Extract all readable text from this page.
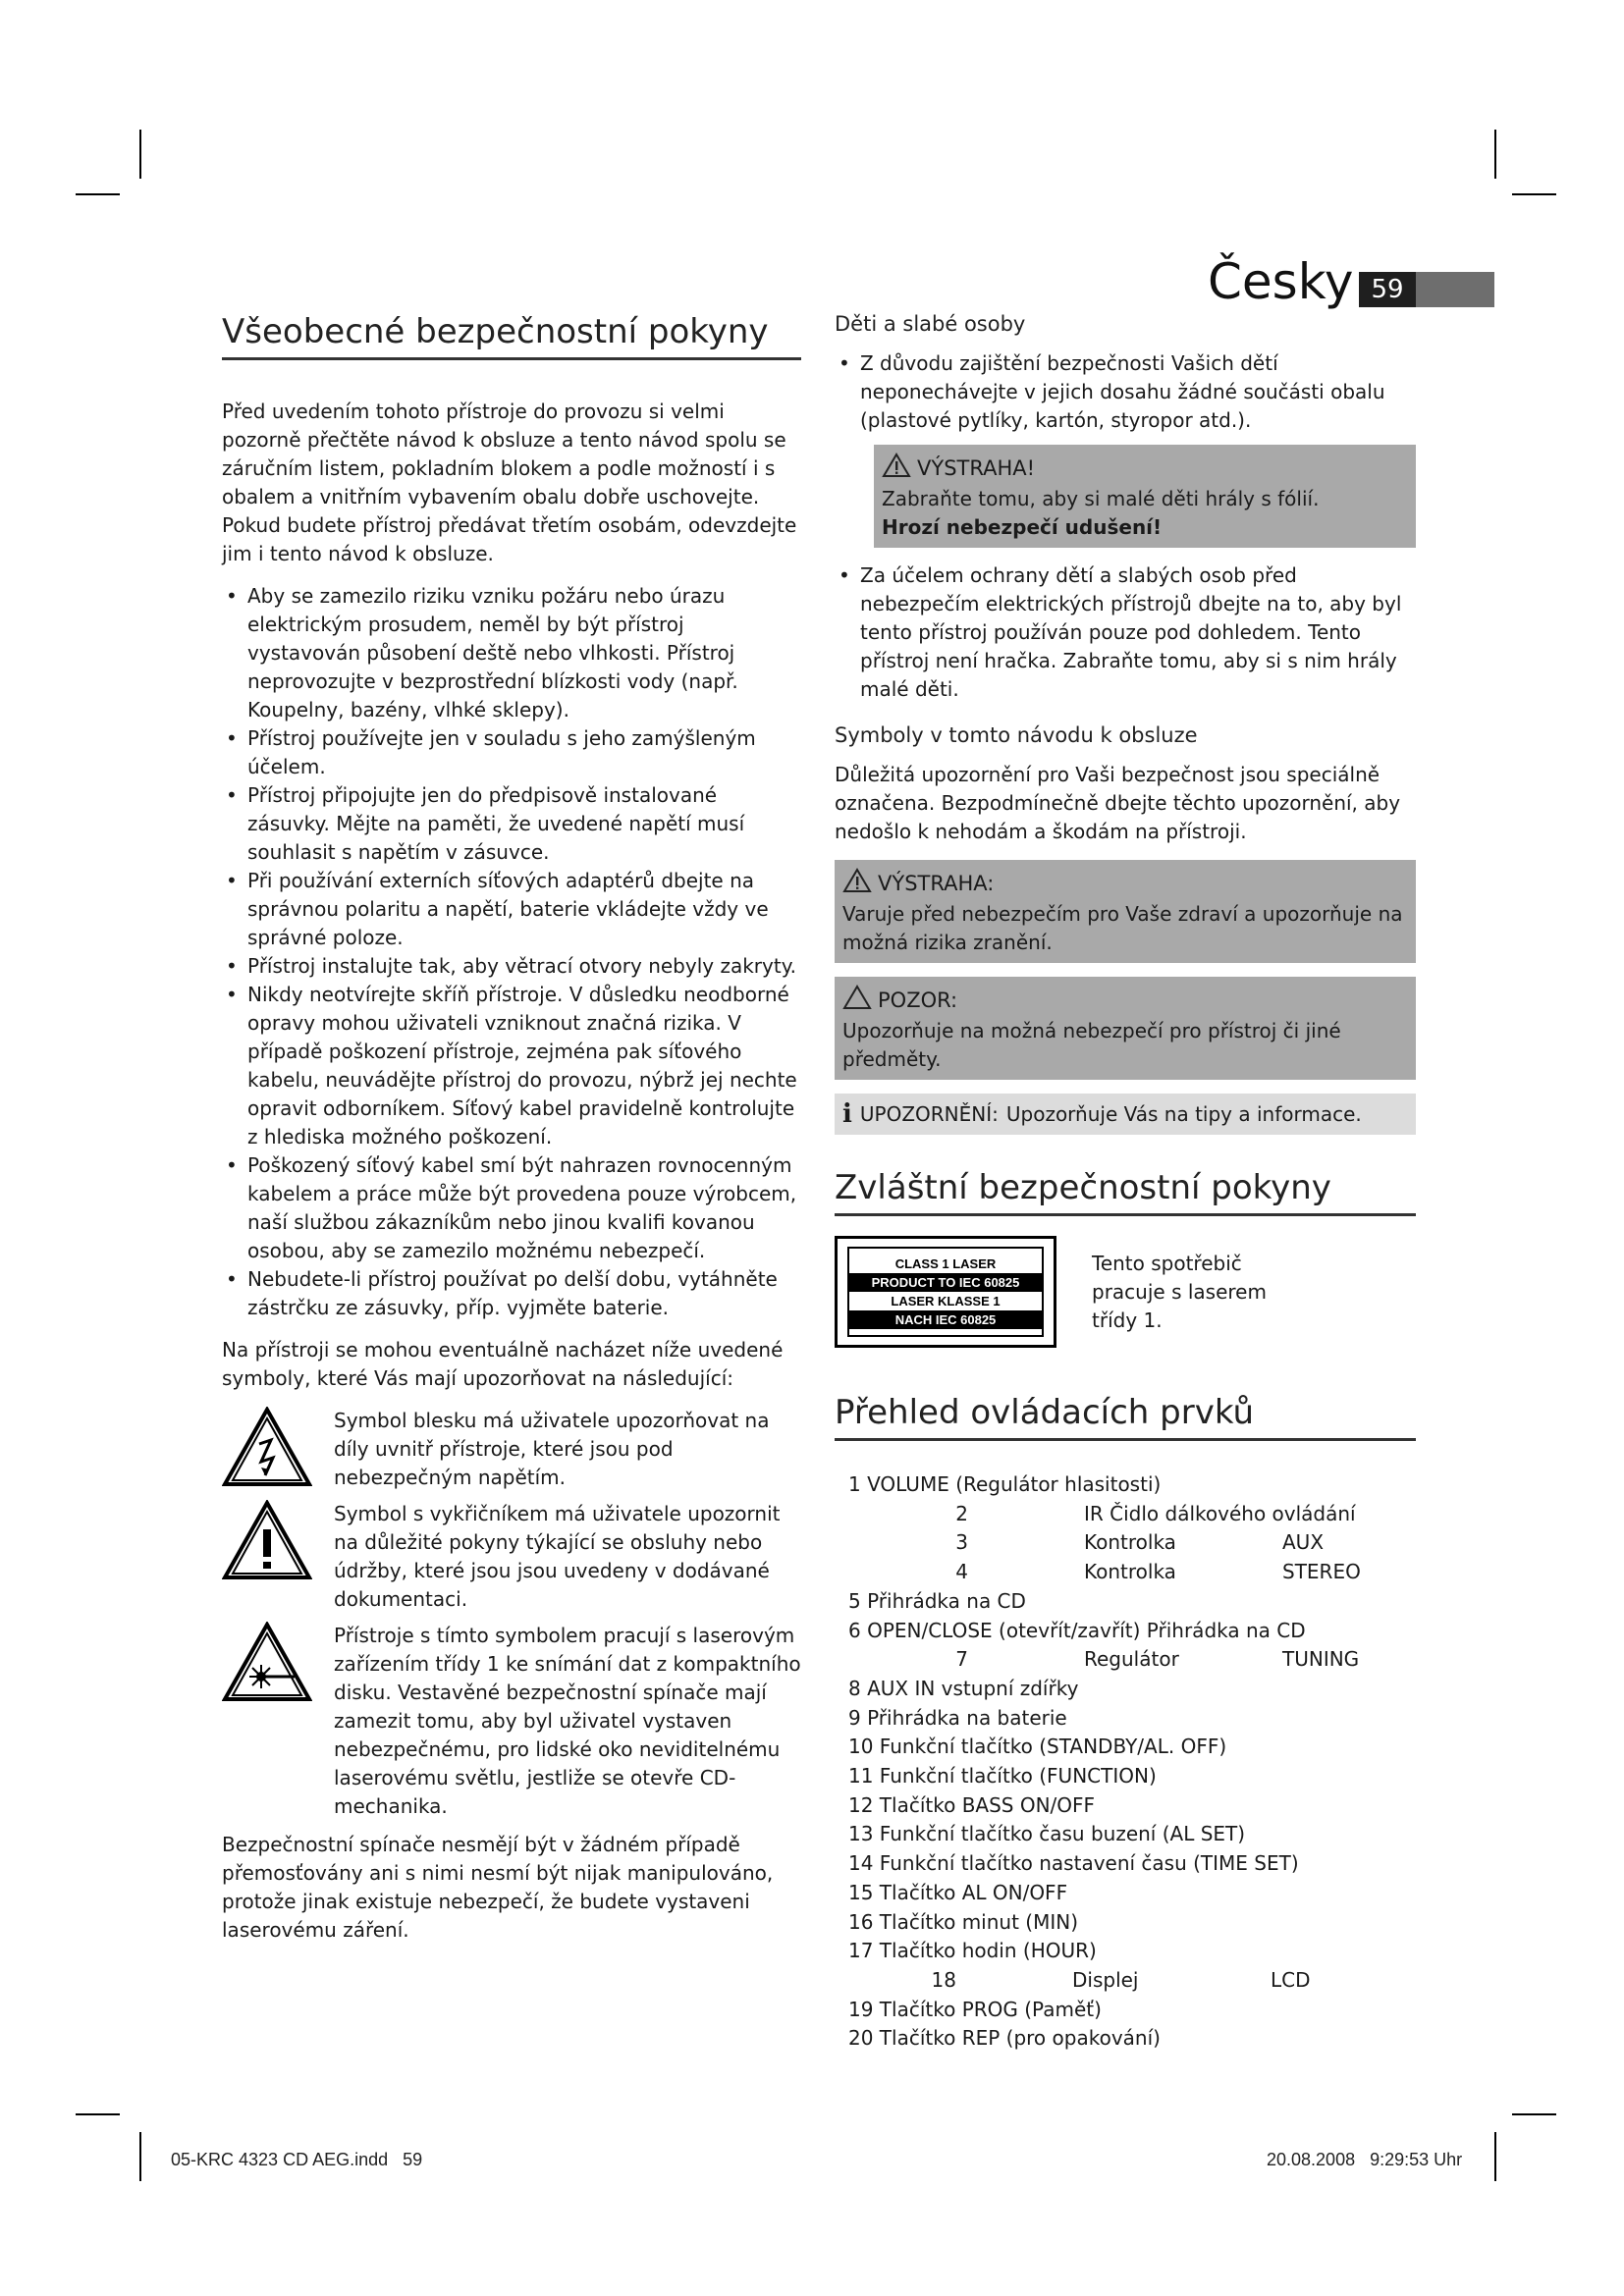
Česky 59
Všeobecné bezpečnostní pokyny

Před uvedením tohoto přístroje do provozu si velmi pozorně přečtěte návod k obsluze a tento návod spolu se záručním listem, pokladním blokem a podle možností i s obalem a vnitřním vybavením obalu dobře uschovejte. Pokud budete přístroj předávat třetím osobám, odevzdejte jim i tento návod k obsluze.

• Aby se zamezilo riziku vzniku požáru nebo úrazu elektrickým prosudem, neměl by být přístroj vystavován působení deště nebo vlhkosti. Přístroj neprovozujte v bezprostřední blízkosti vody (např. Koupelny, bazény, vlhké sklepy).
• Přístroj používejte jen v souladu s jeho zamýšleným účelem.
• Přístroj připojujte jen do předpisově instalované zásuvky. Mějte na paměti, že uvedené napětí musí souhlasit s napětím v zásuvce.
• Při používání externích síťových adaptérů dbejte na správnou polaritu a napětí, baterie vkládejte vždy ve správné poloze.
• Přístroj instalujte tak, aby větrací otvory nebyly zakryty.
• Nikdy neotvírejte skříň přístroje. V důsledku neodborné opravy mohou uživateli vzniknout značná rizika. V případě poškození přístroje, zejména pak síťového kabelu, neuvádějte přístroj do provozu, nýbrž jej nechte opravit odborníkem. Síťový kabel pravidelně kontrolujte z hlediska možného poškození.
• Poškozený síťový kabel smí být nahrazen rovnocenným kabelem a práce může být provedena pouze výrobcem, naší službou zákazníkům nebo jinou kvalifi kovanou osobou, aby se zamezilo možnému nebezpečí.
• Nebudete-li přístroj používat po delší dobu, vytáhněte zástrčku ze zásuvky, příp. vyjměte baterie.

Na přístroji se mohou eventuálně nacházet níže uvedené symboly, které Vás mají upozorňovat na následující:

Symbol blesku má uživatele upozorňovat na díly uvnitř přístroje, které jsou pod nebezpečným napětím.

Symbol s vykřičníkem má uživatele upozornit na důležité pokyny týkající se obsluhy nebo údržby, které jsou jsou uvedeny v dodávané dokumentaci.

Přístroje s tímto symbolem pracují s laserovým zařízením třídy 1 ke snímání dat z kompaktního disku. Vestavěné bezpečnostní spínače mají zamezit tomu, aby byl uživatel vystaven nebezpečnému, pro lidské oko neviditelnému laserovému světlu, jestliže se otevře CD-mechanika.

Bezpečnostní spínače nesmějí být v žádném případě přemosťovány ani s nimi nesmí být nijak manipulováno, protože jinak existuje nebezpečí, že budete vystaveni laserovému záření.

Děti a slabé osoby
• Z důvodu zajištění bezpečnosti Vašich dětí neponechávejte v jejich dosahu žádné součásti obalu (plastové pytlíky, kartón, styropor atd.).
VÝSTRAHA!

Zabraňte tomu, aby si malé děti hrály s fólií.

Hrozí nebezpečí udušení!

• Za účelem ochrany dětí a slabých osob před nebezpečím elektrických přístrojů dbejte na to, aby byl tento přístroj používán pouze pod dohledem. Tento přístroj není hračka. Zabraňte tomu, aby si s nim hrály malé děti.
Symboly v tomto návodu k obsluze

Důležitá upozornění pro Vaši bezpečnost jsou speciálně označena. Bezpodmínečně dbejte těchto upozornění, aby nedošlo k nehodám a škodám na přístroji.

VÝSTRAHA:

Varuje před nebezpečím pro Vaše zdraví a upozorňuje na možná rizika zranění.

POZOR:

Upozorňuje na možná nebezpečí pro přístroj či jiné předměty.

i UPOZORNĚNÍ: Upozorňuje Vás na tipy a informace.
Zvláštní bezpečnostní pokyny
CLASS 1 LASER
PRODUCT TO IEC 60825
LASER KLASSE 1
NACH IEC 60825

Tento spotřebič pracuje s laserem třídy 1.

Přehled ovládacích prvků
1 VOLUME (Regulátor hlasitosti)
2	IR Čidlo dálkového ovládání
3	Kontrolka	AUX
4	Kontrolka	STEREO
5 Přihrádka na CD
6 OPEN/CLOSE (otevřít/zavřít) Přihrádka na CD
7	Regulátor	TUNING
8 AUX IN vstupní zdířky
9 Přihrádka na baterie
10 Funkční tlačítko (STANDBY/AL. OFF)
11 Funkční tlačítko (FUNCTION)
12 Tlačítko BASS ON/OFF
13 Funkční tlačítko času buzení (AL SET)
14 Funkční tlačítko nastavení času (TIME SET)
15 Tlačítko AL ON/OFF
16 Tlačítko minut (MIN)
17 Tlačítko hodin (HOUR)
18	Displej	LCD
19 Tlačítko PROG (Paměť)
20 Tlačítko REP (pro opakování)
05-KRC 4323 CD AEG.indd   59	20.08.2008   9:29:53 Uhr
